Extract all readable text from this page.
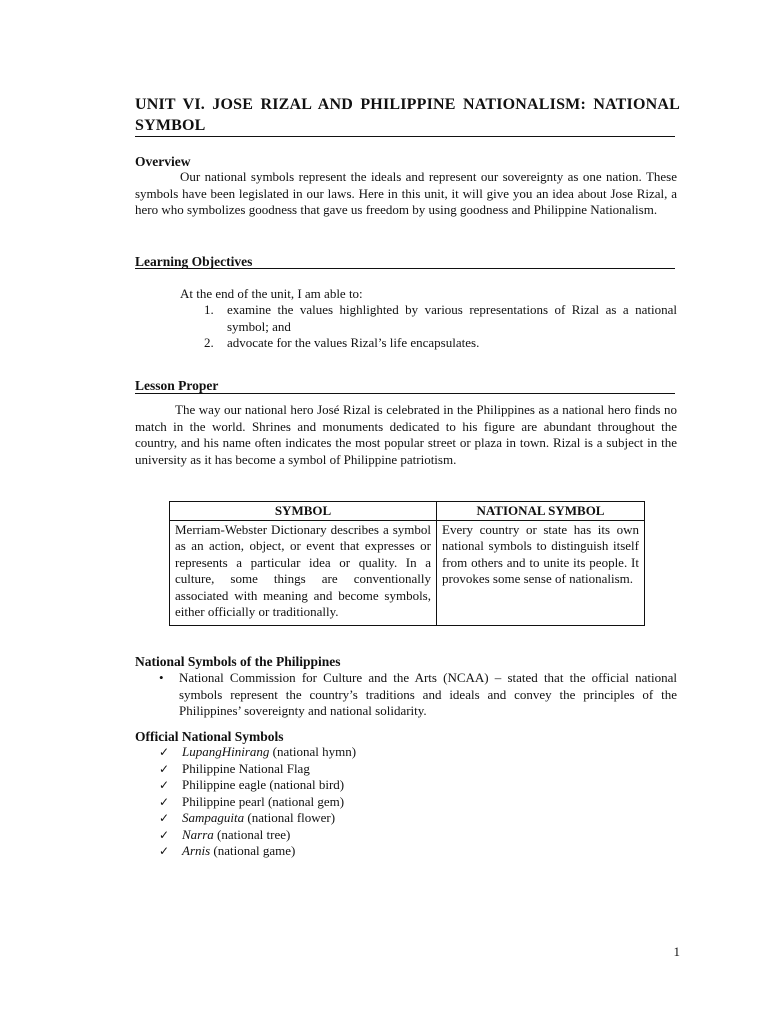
UNIT VI. JOSE RIZAL AND PHILIPPINE NATIONALISM: NATIONAL SYMBOL
Overview
Our national symbols represent the ideals and represent our sovereignty as one nation. These symbols have been legislated in our laws. Here in this unit, it will give you an idea about Jose Rizal, a hero who symbolizes goodness that gave us freedom by using goodness and Philippine Nationalism.
Learning Objectives
At the end of the unit, I am able to:
1. examine the values highlighted by various representations of Rizal as a national symbol; and
2. advocate for the values Rizal’s life encapsulates.
Lesson Proper
The way our national hero José Rizal is celebrated in the Philippines as a national hero finds no match in the world. Shrines and monuments dedicated to his figure are abundant throughout the country, and his name often indicates the most popular street or plaza in town. Rizal is a subject in the university as it has become a symbol of Philippine patriotism.
SYMBOL	NATIONAL SYMBOL
Merriam-Webster Dictionary describes a symbol as an action, object, or event that expresses or represents a particular idea or quality. In a culture, some things are conventionally associated with meaning and become symbols, either officially or traditionally.	Every country or state has its own national symbols to distinguish itself from others and to unite its people. It provokes some sense of nationalism.
National Symbols of the Philippines
• National Commission for Culture and the Arts (NCAA) – stated that the official national symbols represent the country’s traditions and ideals and convey the principles of the Philippines’ sovereignty and national solidarity.
Official National Symbols
✓ LupangHinirang (national hymn)
✓ Philippine National Flag
✓ Philippine eagle (national bird)
✓ Philippine pearl (national gem)
✓ Sampaguita (national flower)
✓ Narra (national tree)
✓ Arnis (national game)
1
